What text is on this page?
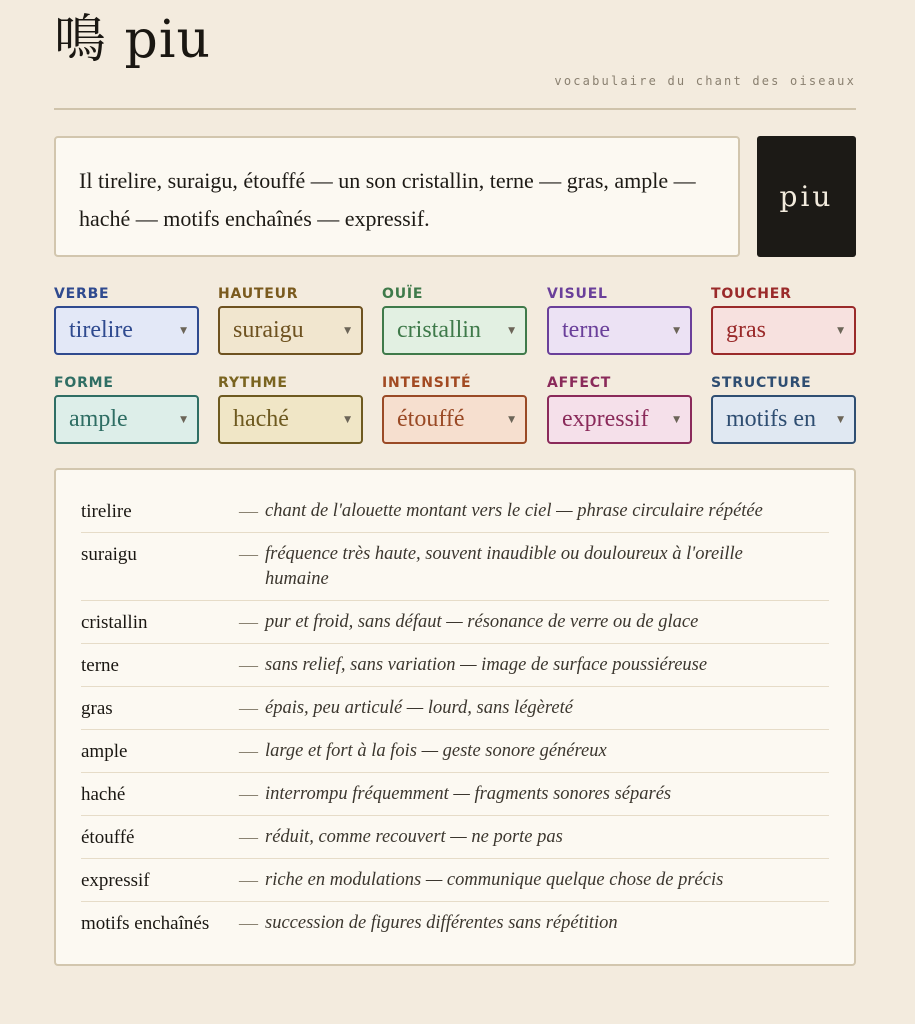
鳴 piu
vocabulaire du chant des oiseaux
Il tirelire, suraigu, étouffé — un son cristallin, terne — gras, ample — haché — motifs enchaînés — expressif.
piu
VERBE
tirelire	▼
HAUTEUR
suraigu	▼
OUÏE
cristallin	▼
VISUEL
terne	▼
TOUCHER
gras	▼
FORME
ample	▼
RYTHME
haché	▼
INTENSITÉ
étouffé	▼
AFFECT
expressif	▼
STRUCTURE
motifs en ▼
tirelire	— chant de l'alouette montant vers le ciel — phrase circulaire répétée
suraigu	— fréquence très haute, souvent inaudible ou douloureux à l'oreille humaine
cristallin	— pur et froid, sans défaut — résonance de verre ou de glace
terne	— sans relief, sans variation — image de surface poussiéreuse
gras	— épais, peu articulé — lourd, sans légèreté
ample	— large et fort à la fois — geste sonore généreux
haché	— interrompu fréquemment — fragments sonores séparés
étouffé	— réduit, comme recouvert — ne porte pas
expressif	— riche en modulations — communique quelque chose de précis
motifs enchaînés	— succession de figures différentes sans répétition
